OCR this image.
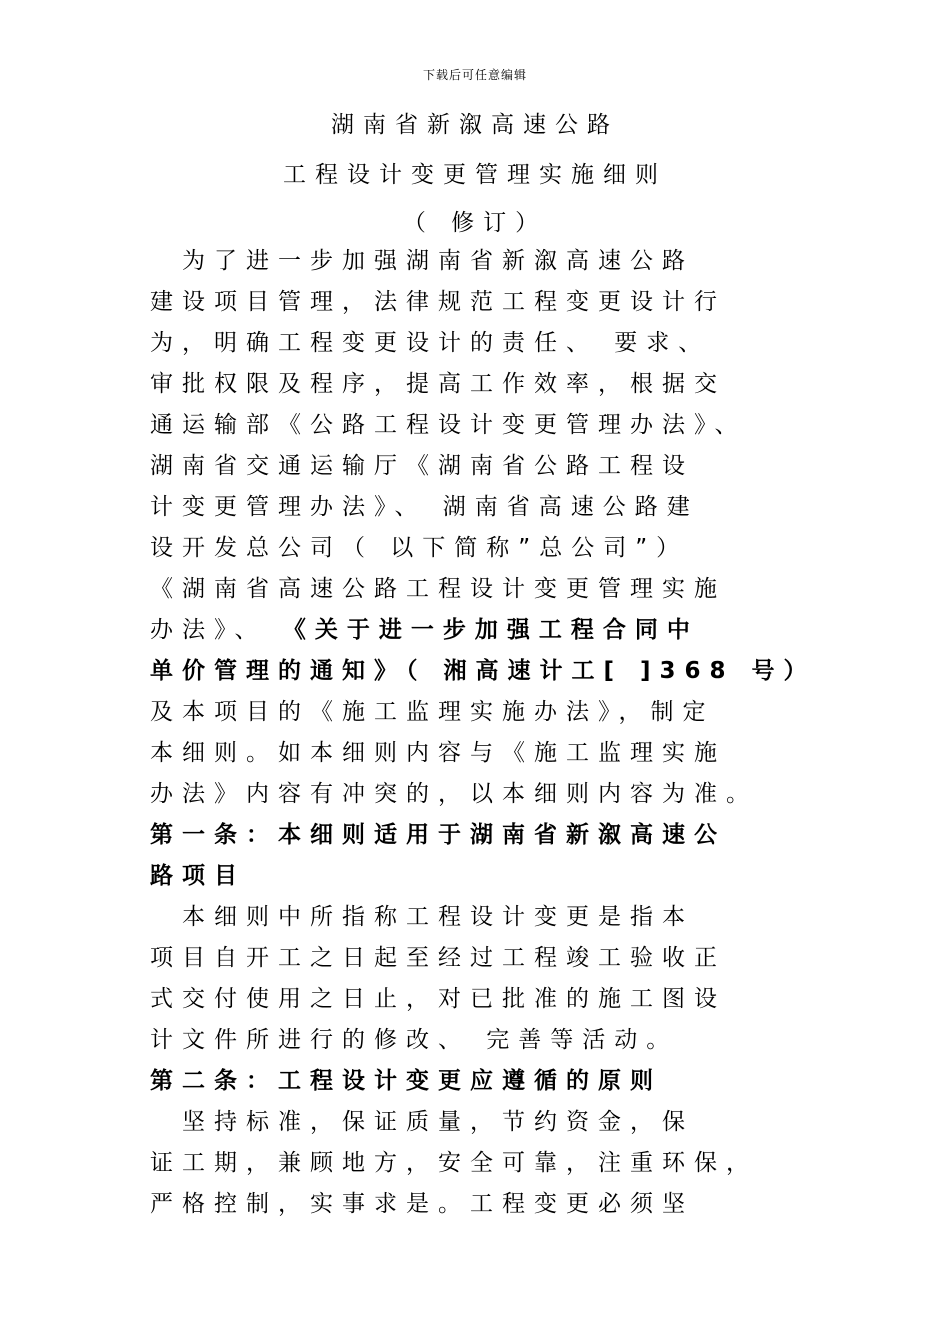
下载后可任意编辑
湖南省新溆高速公路
工程设计变更管理实施细则
（ 修订）
　为了进一步加强湖南省新溆高速公路
建设项目管理，法律规范工程变更设计行
为，明确工程变更设计的责任、 要求、
审批权限及程序，提高工作效率，根据交
通运输部《公路工程设计变更管理办法》、
湖南省交通运输厅《湖南省公路工程设
计变更管理办法》、 湖南省高速公路建
设开发总公司（ 以下简称”总公司”）
《湖南省高速公路工程设计变更管理实施
办法》、 《关于进一步加强工程合同中
单价管理的通知》（ 湘高速计工[ ]368 号）
及本项目的《施工监理实施办法》，制定
本细则。如本细则内容与《施工监理实施
办法》内容有冲突的，以本细则内容为准。
第一条：本细则适用于湖南省新溆高速公
路项目
　本细则中所指称工程设计变更是指本
项目自开工之日起至经过工程竣工验收正
式交付使用之日止，对已批准的施工图设
计文件所进行的修改、 完善等活动。
第二条：工程设计变更应遵循的原则
　坚持标准，保证质量，节约资金，保
证工期，兼顾地方，安全可靠，注重环保，
严格控制，实事求是。工程变更必须坚
